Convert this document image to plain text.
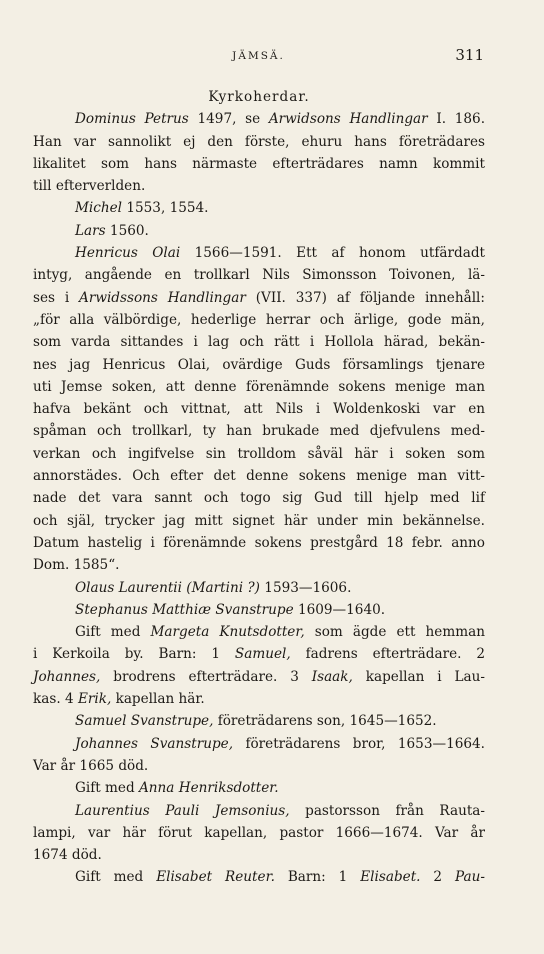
JÄMSÄ.	311
Kyrkoherdar.
Dominus Petrus 1497, se Arwidsons Handlingar I. 186.
Han var sannolikt ej den förste, ehuru hans företrädares
likalitet som hans närmaste efterträdares namn kommit
till efterverlden.
Michel 1553, 1554.
Lars 1560.
Henricus Olai 1566—1591. Ett af honom utfärdadt
intyg, angående en trollkarl Nils Simonsson Toivonen, lä-
ses i Arwidssons Handlingar (VII. 337) af följande innehåll:
„för alla välbördige, hederlige herrar och ärlige, gode män,
som varda sittandes i lag och rätt i Hollola härad, bekän-
nes jag Henricus Olai, ovärdige Guds församlings tjenare
uti Jemse soken, att denne förenämnde sokens menige man
hafva bekänt och vittnat, att Nils i Woldenkoski var en
spåman och trollkarl, ty han brukade med djefvulens med-
verkan och ingifvelse sin trolldom såväl här i soken som
annorstädes. Och efter det denne sokens menige man vitt-
nade det vara sannt och togo sig Gud till hjelp med lif
och själ, trycker jag mitt signet här under min bekännelse.
Datum hastelig i förenämnde sokens prestgård 18 febr. anno
Dom. 1585“.
Olaus Laurentii (Martini ?) 1593—1606.
Stephanus Matthiæ Svanstrupe 1609—1640.
Gift med Margeta Knutsdotter, som ägde ett hemman
i Kerkoila by. Barn: 1 Samuel, fadrens efterträdare. 2
Johannes, brodrens efterträdare. 3 Isaak, kapellan i Lau-
kas. 4 Erik, kapellan här.
Samuel Svanstrupe, företrädarens son, 1645—1652.
Johannes Svanstrupe, företrädarens bror, 1653—1664.
Var år 1665 död.
Gift med Anna Henriksdotter.
Laurentius Pauli Jemsonius, pastorsson från Rauta-
lampi, var här förut kapellan, pastor 1666—1674. Var år
1674 död.
Gift med Elisabet Reuter. Barn: 1 Elisabet. 2 Pau-
